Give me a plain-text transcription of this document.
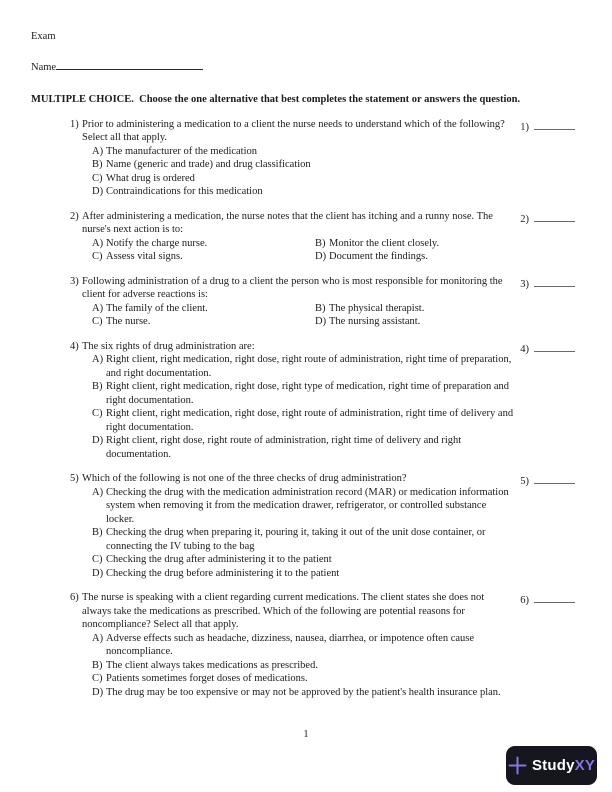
Exam
Name
MULTIPLE CHOICE.  Choose the one alternative that best completes the statement or answers the question.
1) Prior to administering a medication to a client the nurse needs to understand which of the following? Select all that apply.
A) The manufacturer of the medication
B) Name (generic and trade) and drug classification
C) What drug is ordered
D) Contraindications for this medication
1)
2) After administering a medication, the nurse notes that the client has itching and a runny nose. The nurse's next action is to:
A) Notify the charge nurse.	B) Monitor the client closely.
C) Assess vital signs.	D) Document the findings.
2)
3) Following administration of a drug to a client the person who is most responsible for monitoring the client for adverse reactions is:
A) The family of the client.	B) The physical therapist.
C) The nurse.	D) The nursing assistant.
3)
4) The six rights of drug administration are:
A) Right client, right medication, right dose, right route of administration, right time of preparation, and right documentation.
B) Right client, right medication, right dose, right type of medication, right time of preparation and right documentation.
C) Right client, right medication, right dose, right route of administration, right time of delivery and right documentation.
D) Right client, right dose, right route of administration, right time of delivery and right documentation.
4)
5) Which of the following is not one of the three checks of drug administration?
A) Checking the drug with the medication administration record (MAR) or medication information system when removing it from the medication drawer, refrigerator, or controlled substance locker.
B) Checking the drug when preparing it, pouring it, taking it out of the unit dose container, or connecting the IV tubing to the bag
C) Checking the drug after administering it to the patient
D) Checking the drug before administering it to the patient
5)
6) The nurse is speaking with a client regarding current medications. The client states she does not always take the medications as prescribed. Which of the following are potential reasons for noncompliance? Select all that apply.
A) Adverse effects such as headache, dizziness, nausea, diarrhea, or impotence often cause noncompliance.
B) The client always takes medications as prescribed.
C) Patients sometimes forget doses of medications.
D) The drug may be too expensive or may not be approved by the patient's health insurance plan.
6)
1
StudyXY
